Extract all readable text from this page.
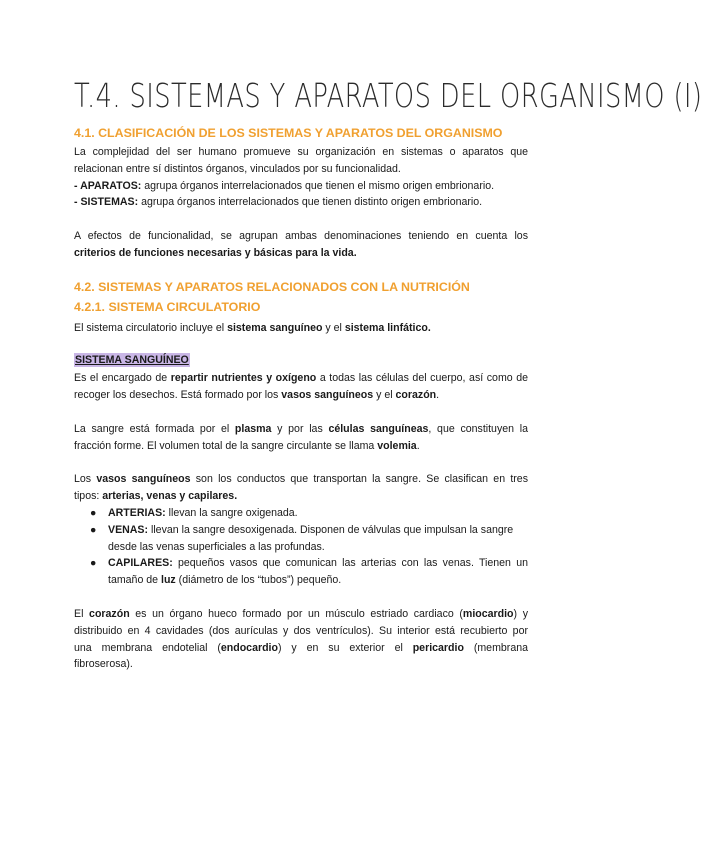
T.4. SISTEMAS Y APARATOS DEL ORGANISMO (I)
4.1. CLASIFICACIÓN DE LOS SISTEMAS Y APARATOS DEL ORGANISMO
La complejidad del ser humano promueve su organización en sistemas o aparatos que
relacionan entre sí distintos órganos, vinculados por su funcionalidad.
- APARATOS: agrupa órganos interrelacionados que tienen el mismo origen embrionario.
- SISTEMAS: agrupa órganos interrelacionados que tienen distinto origen embrionario.
A efectos de funcionalidad, se agrupan ambas denominaciones teniendo en cuenta los
criterios de funciones necesarias y básicas para la vida.
4.2. SISTEMAS Y APARATOS RELACIONADOS CON LA NUTRICIÓN
4.2.1. SISTEMA CIRCULATORIO
El sistema circulatorio incluye el sistema sanguíneo y el sistema linfático.
SISTEMA SANGUÍNEO
Es el encargado de repartir nutrientes y oxígeno a todas las células del cuerpo, así como de
recoger los desechos. Está formado por los vasos sanguíneos y el corazón.
La sangre está formada por el plasma y por las células sanguíneas, que constituyen la
fracción forme. El volumen total de la sangre circulante se llama volemia.
Los vasos sanguíneos son los conductos que transportan la sangre. Se clasifican en tres
tipos: arterias, venas y capilares.
● ARTERIAS: llevan la sangre oxigenada.
● VENAS: llevan la sangre desoxigenada. Disponen de válvulas que impulsan la sangre
desde las venas superficiales a las profundas.
● CAPILARES: pequeños vasos que comunican las arterias con las venas. Tienen un
tamaño de luz (diámetro de los “tubos”) pequeño.
El corazón es un órgano hueco formado por un músculo estriado cardiaco (miocardio) y
distribuido en 4 cavidades (dos aurículas y dos ventrículos). Su interior está recubierto por
una membrana endotelial (endocardio) y en su exterior el pericardio (membrana
fibroserosa).
